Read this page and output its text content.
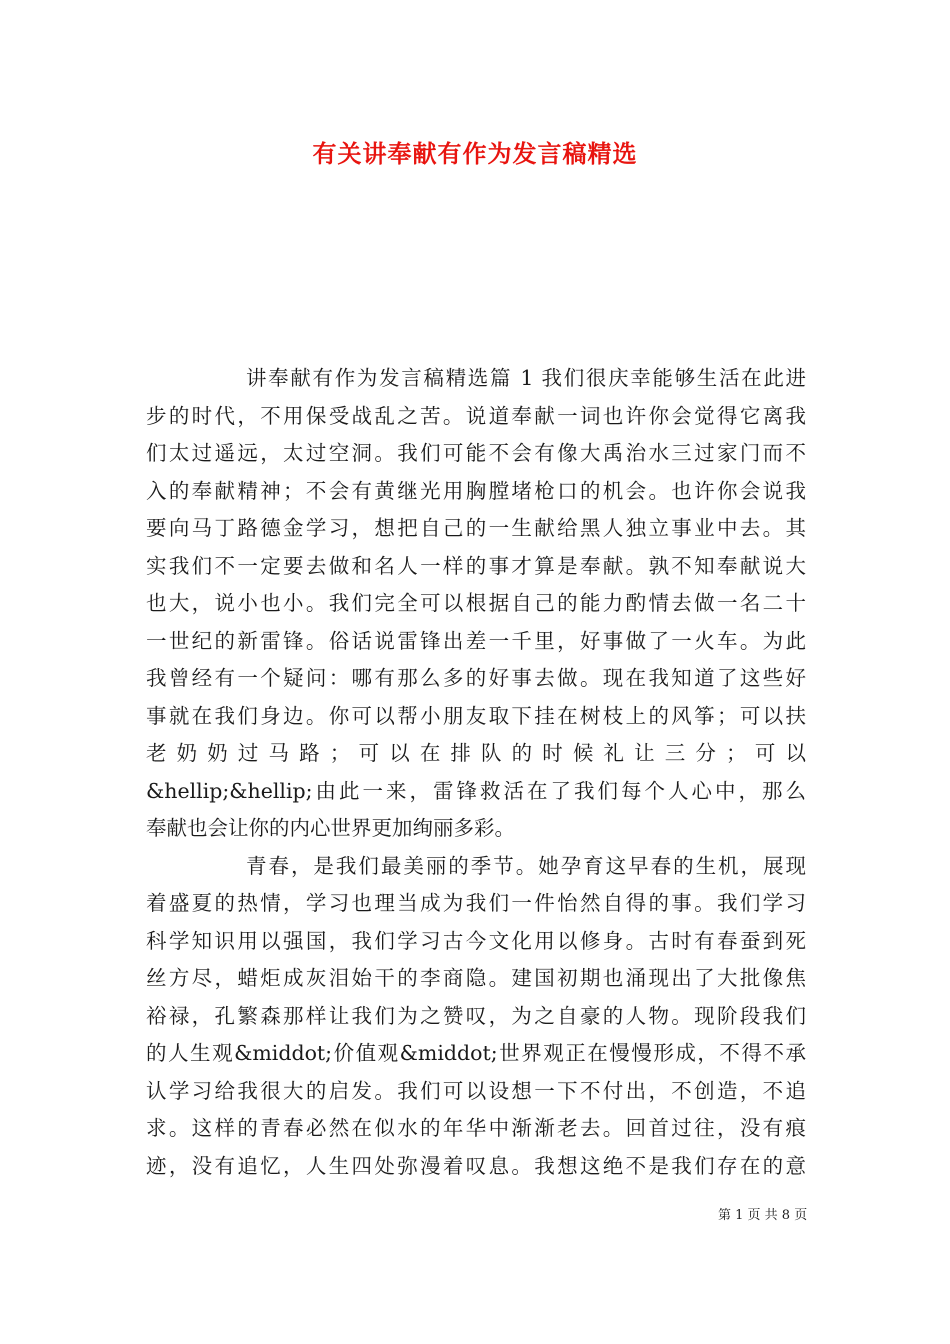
有关讲奉献有作为发言稿精选
讲奉献有作为发言稿精选篇 1 我们很庆幸能够生活在此进
步的时代，不用保受战乱之苦。说道奉献一词也许你会觉得它离我
们太过遥远，太过空洞。我们可能不会有像大禹治水三过家门而不
入的奉献精神；不会有黄继光用胸膛堵枪口的机会。也许你会说我
要向马丁路德金学习，想把自己的一生献给黑人独立事业中去。其
实我们不一定要去做和名人一样的事才算是奉献。孰不知奉献说大
也大，说小也小。我们完全可以根据自己的能力酌情去做一名二十
一世纪的新雷锋。俗话说雷锋出差一千里，好事做了一火车。为此
我曾经有一个疑问：哪有那么多的好事去做。现在我知道了这些好
事就在我们身边。你可以帮小朋友取下挂在树枝上的风筝；可以扶
老 奶 奶 过 马 路 ； 可 以 在 排 队 的 时 候 礼 让 三 分 ； 可 以
&hellip;&hellip;由此一来，雷锋救活在了我们每个人心中，那么
奉献也会让你的内心世界更加绚丽多彩。
青春，是我们最美丽的季节。她孕育这早春的生机，展现
着盛夏的热情，学习也理当成为我们一件怡然自得的事。我们学习
科学知识用以强国，我们学习古今文化用以修身。古时有春蚕到死
丝方尽，蜡炬成灰泪始干的李商隐。建国初期也涌现出了大批像焦
裕禄，孔繁森那样让我们为之赞叹，为之自豪的人物。现阶段我们
的人生观&middot;价值观&middot;世界观正在慢慢形成，不得不承
认学习给我很大的启发。我们可以设想一下不付出，不创造，不追
求。这样的青春必然在似水的年华中渐渐老去。回首过往，没有痕
迹，没有追忆，人生四处弥漫着叹息。我想这绝不是我们存在的意
第 1 页 共 8 页
